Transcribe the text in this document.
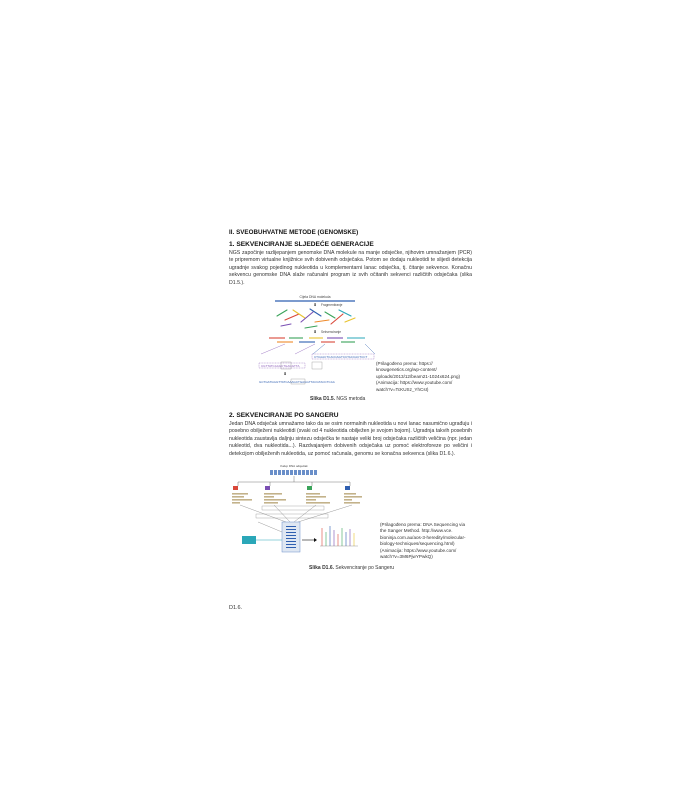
II. SVEOBUHVATNE METODE (GENOMSKE)
1. SEKVENCIRANJE SLJEDEĆE GENERACIJE
NGS započinje razlijepanjem genomske DNA molekule na manje odsječke, njihovim umnažanjem (PCR) te pripremom virtualne knjižnice svih dobivenih odsječaka. Potom se dodaju nukleotidi te slijedi detekcija ugradnje svakog pojedinog nukleotida u komplementarni lanac odsječka, tj. čitanje sekvence. Konačnu sekvencu genomske DNA slaže računalni program iz svih očitanih sekvenci različitih odsječaka (slika D1.5.).
Cijela DNA molekula
⬇ Fragmentiranje
⬇ Sekvenciranje
CTCAACTCACCAGTCCTACCACTCCT
CGTTATCAAGCTGAGGTTA
⬇
GCTGATGGGTTATCAAAGCTGAGGTTACGTACCTCAA
(Prilagođeno prema: https://
knowgenetics.org/wp-content/
uploads/2013/12/beam21-1024x624.png)
(Animacija: https://www.youtube.com/
watch?v=TcKUSz_YhCsI)
Slika D1.5. NGS metoda
2. SEKVENCIRANJE PO SANGERU
Jedan DNA odsječak umnažamo tako da se osim normalnih nukleotida u novi lanac nasumično ugrađuju i posebno obilježeni nukleotidi (svaki od 4 nukleotida obilježen je svojom bojom). Ugradnja takvih posebnih nukleotida zaustavlja daljnju sintezu odsječka te nastaje veliki broj odsječaka različitih veličina (npr. jedan nukleotid, dva nukleotida...). Razdvajanjem dobivenih odsječaka uz pomoć elektroforeze po veličini i detekcijom obilježenih nukleotida, uz pomoć računala, genomu se konačna sekvenca (slika D1.6.).
Kalup DNA odsječak
(Prilagođeno prema: DNA Sequencing via
the Sanger Method. http://www.vce.
bioninja.com.au/aos-3-heredity/molecular-
biology-techniques/sequencing.html)
(Animacija: https://www.youtube.com/
watch?v=3M6PjwYPwkQ)
Slika D1.6. Sekvenciranje po Sangeru
D1.6.
